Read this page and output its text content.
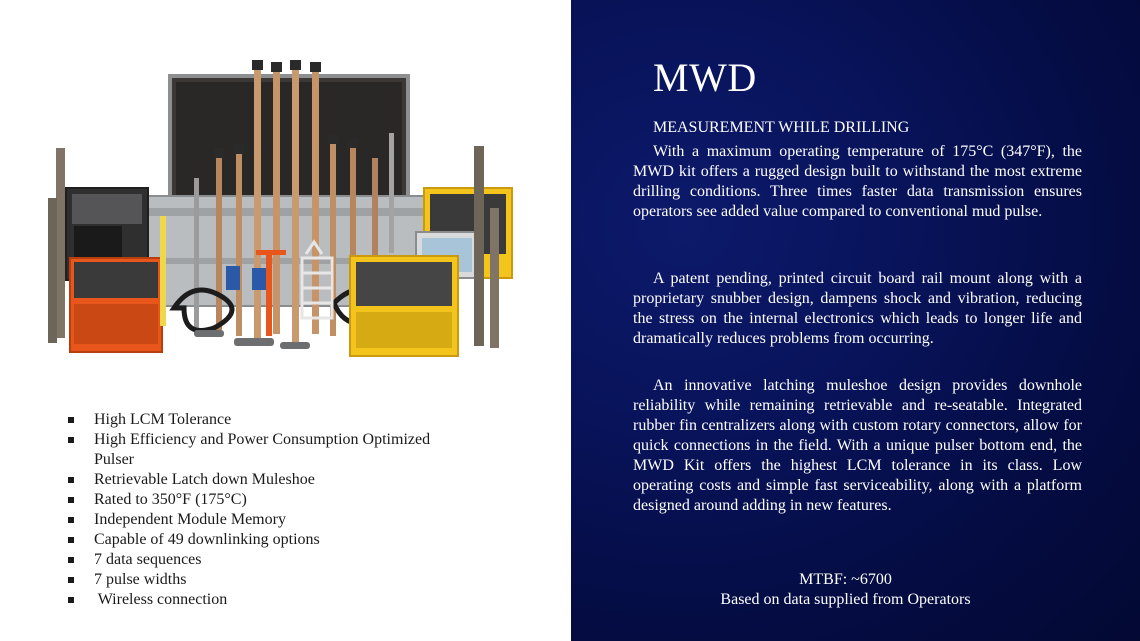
High LCM Tolerance
High Efficiency and Power Consumption Optimized Pulser
Retrievable Latch down Muleshoe
Rated to 350°F (175°C)
Independent Module Memory
Capable of 49 downlinking options
7 data sequences
7 pulse widths
Wireless connection
MWD

MEASUREMENT WHILE DRILLING

With a maximum operating temperature of 175°C (347°F), the MWD kit offers a rugged design built to withstand the most extreme drilling conditions. Three times faster data transmission ensures operators see added value compared to conventional mud pulse.

A patent pending, printed circuit board rail mount along with a proprietary snubber design, dampens shock and vibration, reducing the stress on the internal electronics which leads to longer life and dramatically reduces problems from occurring.

An innovative latching muleshoe design provides downhole reliability while remaining retrievable and re-seatable. Integrated rubber fin centralizers along with custom rotary connectors, allow for quick connections in the field. With a unique pulser bottom end, the MWD Kit offers the highest LCM tolerance in its class. Low operating costs and simple fast serviceability, along with a platform designed around adding in new features.

MTBF: ~6700
Based on data supplied from Operators
